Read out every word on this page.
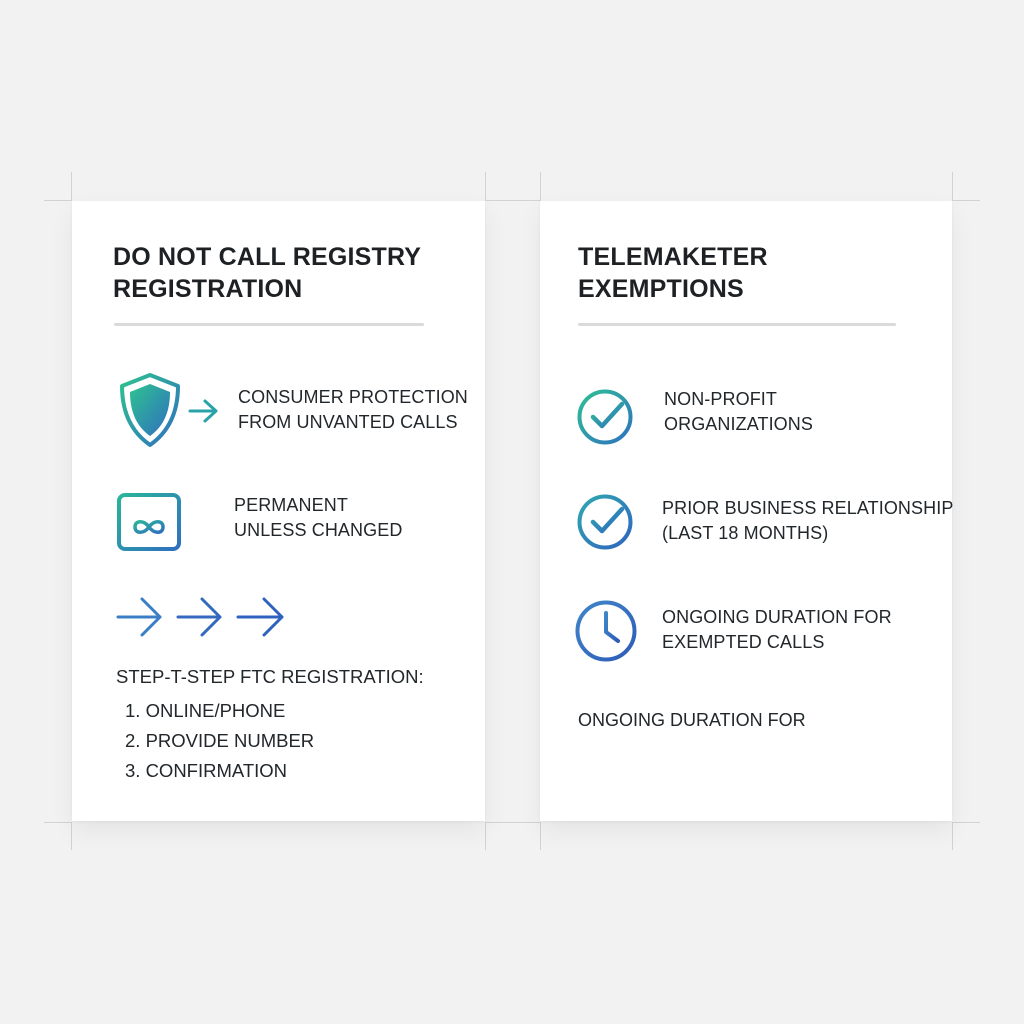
DO NOT CALL REGISTRY
REGISTRATION
CONSUMER PROTECTION
FROM UNVANTED CALLS
PERMANENT
UNLESS CHANGED
STEP-T-STEP FTC REGISTRATION:
1. ONLINE/PHONE
2. PROVIDE NUMBER
3. CONFIRMATION
TELEMAKETER
EXEMPTIONS
NON-PROFIT
ORGANIZATIONS
PRIOR BUSINESS RELATIONSHIP
(LAST 18 MONTHS)
ONGOING DURATION FOR
EXEMPTED CALLS
ONGOING DURATION FOR
